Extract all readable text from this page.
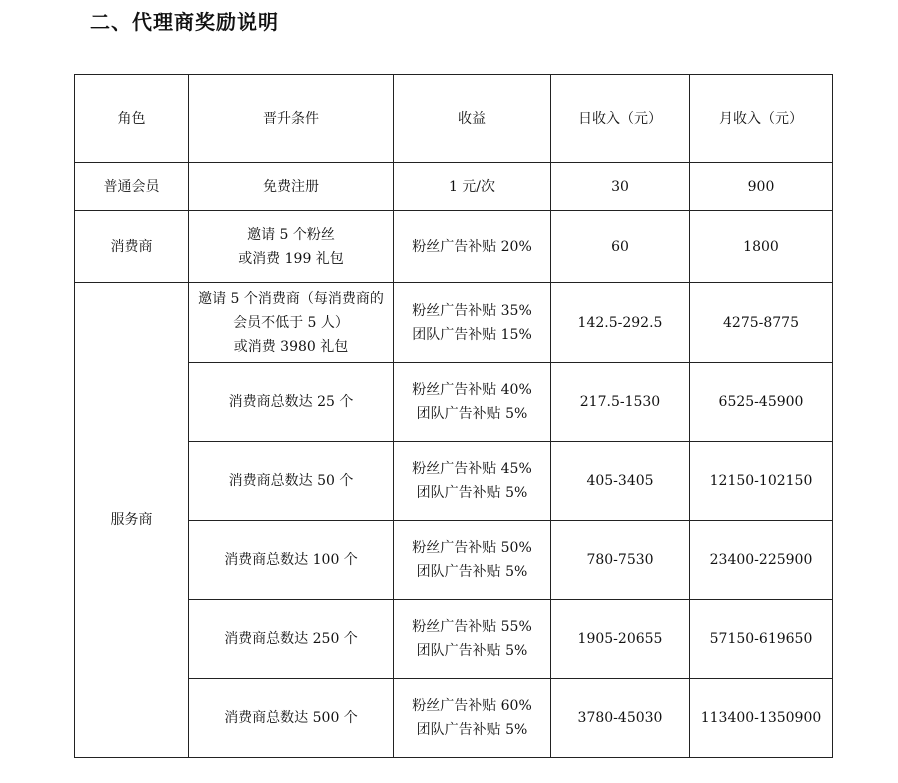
二、代理商奖励说明
角色	晋升条件	收益	日收入（元）	月收入（元）
普通会员	免费注册	1 元/次	30	900
消费商	邀请 5 个粉丝
或消费 199 礼包	粉丝广告补贴 20%	60	1800
服务商	邀请 5 个消费商（每消费商的
会员不低于 5 人）
或消费 3980 礼包	粉丝广告补贴 35%
团队广告补贴 15%	142.5-292.5	4275-8775
	消费商总数达 25 个	粉丝广告补贴 40%
团队广告补贴 5%	217.5-1530	6525-45900
	消费商总数达 50 个	粉丝广告补贴 45%
团队广告补贴 5%	405-3405	12150-102150
	消费商总数达 100 个	粉丝广告补贴 50%
团队广告补贴 5%	780-7530	23400-225900
	消费商总数达 250 个	粉丝广告补贴 55%
团队广告补贴 5%	1905-20655	57150-619650
	消费商总数达 500 个	粉丝广告补贴 60%
团队广告补贴 5%	3780-45030	113400-1350900
